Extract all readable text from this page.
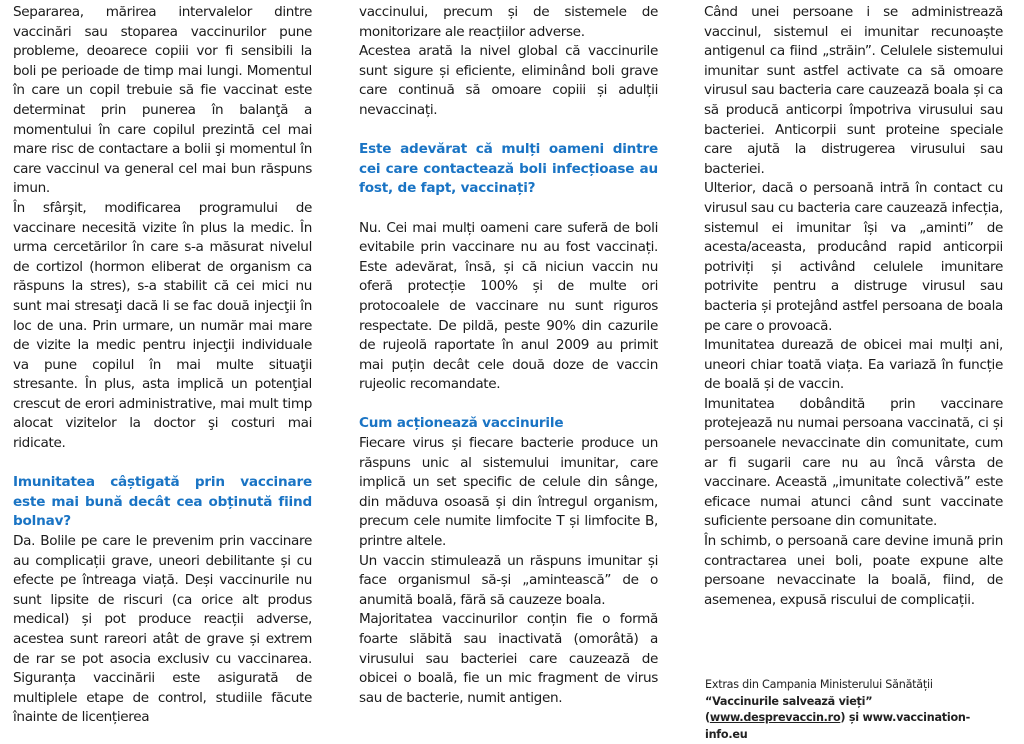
Separarea, mărirea intervalelor dintre vaccinări sau stoparea vaccinurilor pune probleme, deoarece copiii vor fi sensibili la boli pe perioade de timp mai lungi. Momentul în care un copil trebuie să fie vaccinat este determinat prin punerea în balanţă a momentului în care copilul prezintă cel mai mare risc de contactare a bolii şi momentul în care vaccinul va general cel mai bun răspuns imun.

În sfârşit, modificarea programului de vaccinare necesită vizite în plus la medic. În urma cercetărilor în care s-a măsurat nivelul de cortizol (hormon eliberat de organism ca răspuns la stres), s-a stabilit că cei mici nu sunt mai stresaţi dacă li se fac două injecţii în loc de una. Prin urmare, un număr mai mare de vizite la medic pentru injecţii individuale va pune copilul în mai multe situaţii stresante. În plus, asta implică un potenţial crescut de erori administrative, mai mult timp alocat vizitelor la doctor şi costuri mai ridicate.

Imunitatea câștigată prin vaccinare este mai bună decât cea obținută fiind bolnav?

Da. Bolile pe care le prevenim prin vaccinare au complicații grave, uneori debilitante și cu efecte pe întreaga viață. Deși vaccinurile nu sunt lipsite de riscuri (ca orice alt produs medical) și pot produce reacții adverse, acestea sunt rareori atât de grave și extrem de rar se pot asocia exclusiv cu vaccinarea. Siguranța vaccinării este asigurată de multiplele etape de control, studiile făcute înainte de licențierea

vaccinului, precum și de sistemele de monitorizare ale reacțiilor adverse.

Acestea arată la nivel global că vaccinurile sunt sigure și eficiente, eliminând boli grave care continuă să omoare copiii și adulții nevaccinați.

Este adevărat că mulți oameni dintre cei care contactează boli infecțioase au fost, de fapt, vaccinați?

Nu. Cei mai mulți oameni care suferă de boli evitabile prin vaccinare nu au fost vaccinați. Este adevărat, însă, și că niciun vaccin nu oferă protecție 100% și de multe ori protocoalele de vaccinare nu sunt riguros respectate. De pildă, peste 90% din cazurile de rujeolă raportate în anul 2009 au primit mai puțin decât cele două doze de vaccin rujeolic recomandate.

Cum acționează vaccinurile

Fiecare virus și fiecare bacterie produce un răspuns unic al sistemului imunitar, care implică un set specific de celule din sânge, din măduva osoasă și din întregul organism, precum cele numite limfocite T și limfocite B, printre altele.

Un vaccin stimulează un răspuns imunitar și face organismul să-și „amintească” de o anumită boală, fără să cauzeze boala.

Majoritatea vaccinurilor conțin fie o formă foarte slăbită sau inactivată (omorâtă) a virusului sau bacteriei care cauzează de obicei o boală, fie un mic fragment de virus sau de bacterie, numit antigen.

Când unei persoane i se administrează vaccinul, sistemul ei imunitar recunoaște antigenul ca fiind „străin”. Celulele sistemului imunitar sunt astfel activate ca să omoare virusul sau bacteria care cauzează boala și ca să producă anticorpi împotriva virusului sau bacteriei. Anticorpii sunt proteine speciale care ajută la distrugerea virusului sau bacteriei.

Ulterior, dacă o persoană intră în contact cu virusul sau cu bacteria care cauzează infecția, sistemul ei imunitar își va „aminti” de acesta/aceasta, producând rapid anticorpii potriviți și activând celulele imunitare potrivite pentru a distruge virusul sau bacteria și protejând astfel persoana de boala pe care o provoacă.

Imunitatea durează de obicei mai mulți ani, uneori chiar toată viața. Ea variază în funcție de boală și de vaccin.

Imunitatea dobândită prin vaccinare protejează nu numai persoana vaccinată, ci și persoanele nevaccinate din comunitate, cum ar fi sugarii care nu au încă vârsta de vaccinare. Această „imunitate colectivă” este eficace numai atunci când sunt vaccinate suficiente persoane din comunitate.

În schimb, o persoană care devine imună prin contractarea unei boli, poate expune alte persoane nevaccinate la boală, fiind, de asemenea, expusă riscului de complicații.

Extras din Campania Ministerului Sănătății
“Vaccinurile salvează vieți”
(www.desprevaccin.ro) și www.vaccination-info.eu
